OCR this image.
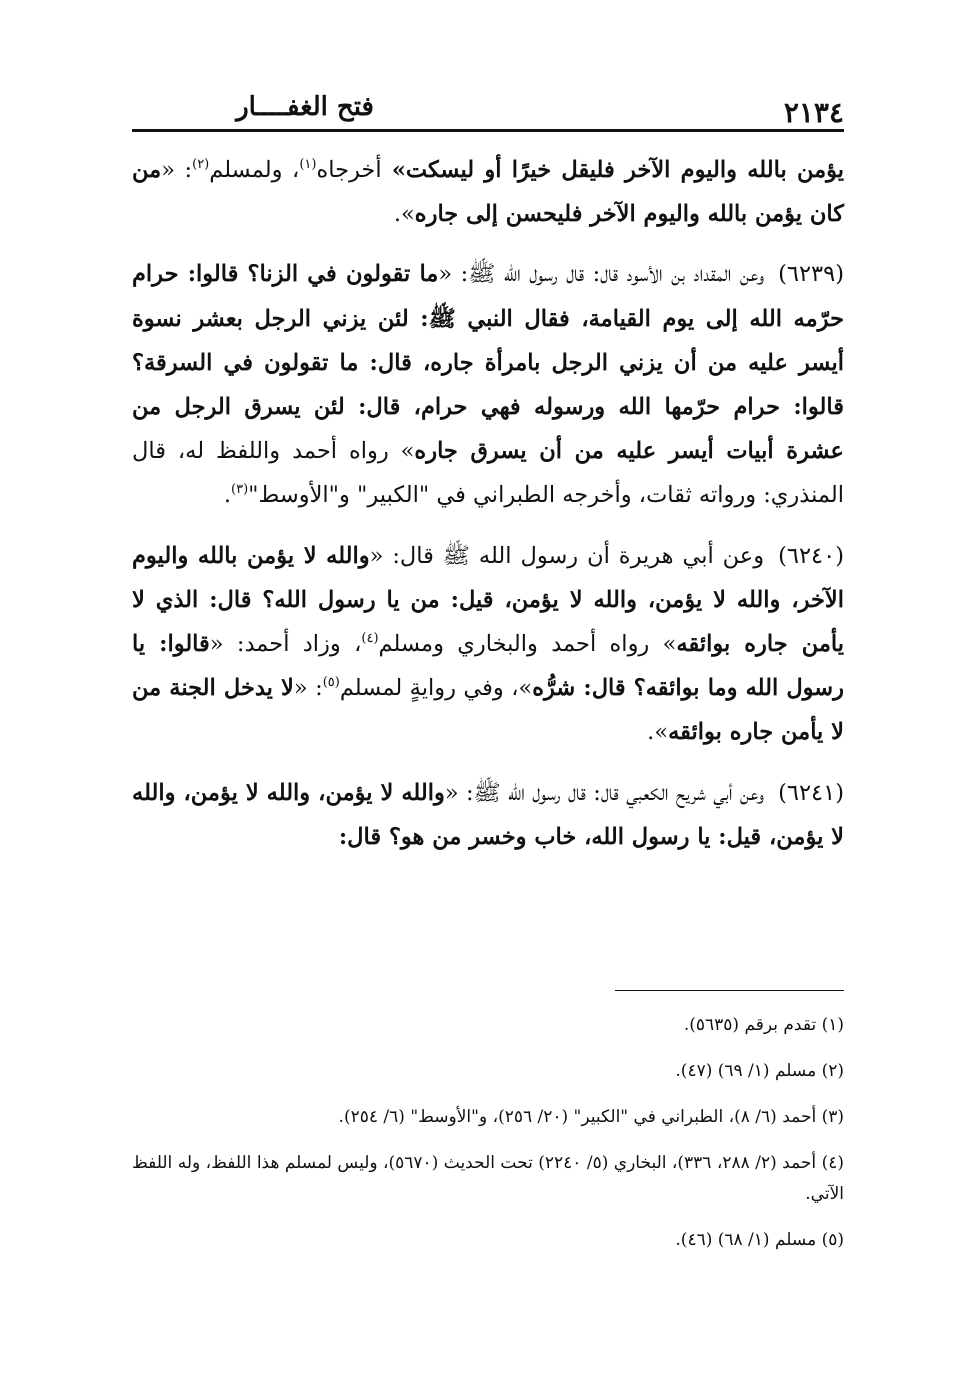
٢١٣٤
فتح الغفــــار

يؤمن بالله واليوم الآخر فليقل خيرًا أو ليسكت» أخرجاه$^{(١)}$، ولمسلم$^{(٢)}$: «من كان يؤمن بالله واليوم الآخر فليحسن إلى جاره».

(٦٢٣٩)وعن المقداد بن الأسود قال: قال رسول الله ﷺ: «ما تقولون في الزنا؟ قالوا: حرام حرّمه الله إلى يوم القيامة، فقال النبي ﷺ: لئن يزني الرجل بعشر نسوة أيسر عليه من أن يزني الرجل بامرأة جاره، قال: ما تقولون في السرقة؟ قالوا: حرام حرّمها الله ورسوله فهي حرام، قال: لئن يسرق الرجل من عشرة أبيات أيسر عليه من أن يسرق جاره» رواه أحمد واللفظ له، قال المنذري: ورواته ثقات، وأخرجه الطبراني في "الكبير" و"الأوسط"$^{(٣)}$.

(٦٢٤٠)وعن أبي هريرة أن رسول الله ﷺ قال: «والله لا يؤمن بالله واليوم الآخر، والله لا يؤمن، والله لا يؤمن، قيل: من يا رسول الله؟ قال: الذي لا يأمن جاره بوائقه» رواه أحمد والبخاري ومسلم$^{(٤)}$، وزاد أحمد: «قالوا: يا رسول الله وما بوائقه؟ قال: شرُّه»، وفي روايةٍ لمسلم$^{(٥)}$: «لا يدخل الجنة من لا يأمن جاره بوائقه».

(٦٢٤١)وعن أبي شريح الكعبي قال: قال رسول الله ﷺ: «والله لا يؤمن، والله لا يؤمن، والله لا يؤمن، قيل: يا رسول الله، خاب وخسر من هو؟ قال:

(١) تقدم برقم (٥٦٣٥).
(٢) مسلم (١/ ٦٩) (٤٧).
(٣) أحمد (٦/ ٨)، الطبراني في "الكبير" (٢٠/ ٢٥٦)، و"الأوسط" (٦/ ٢٥٤).
(٤) أحمد (٢/ ٢٨٨، ٣٣٦)، البخاري (٥/ ٢٢٤٠) تحت الحديث (٥٦٧٠)، وليس لمسلم هذا اللفظ، وله اللفظ الآتي.
(٥) مسلم (١/ ٦٨) (٤٦).
